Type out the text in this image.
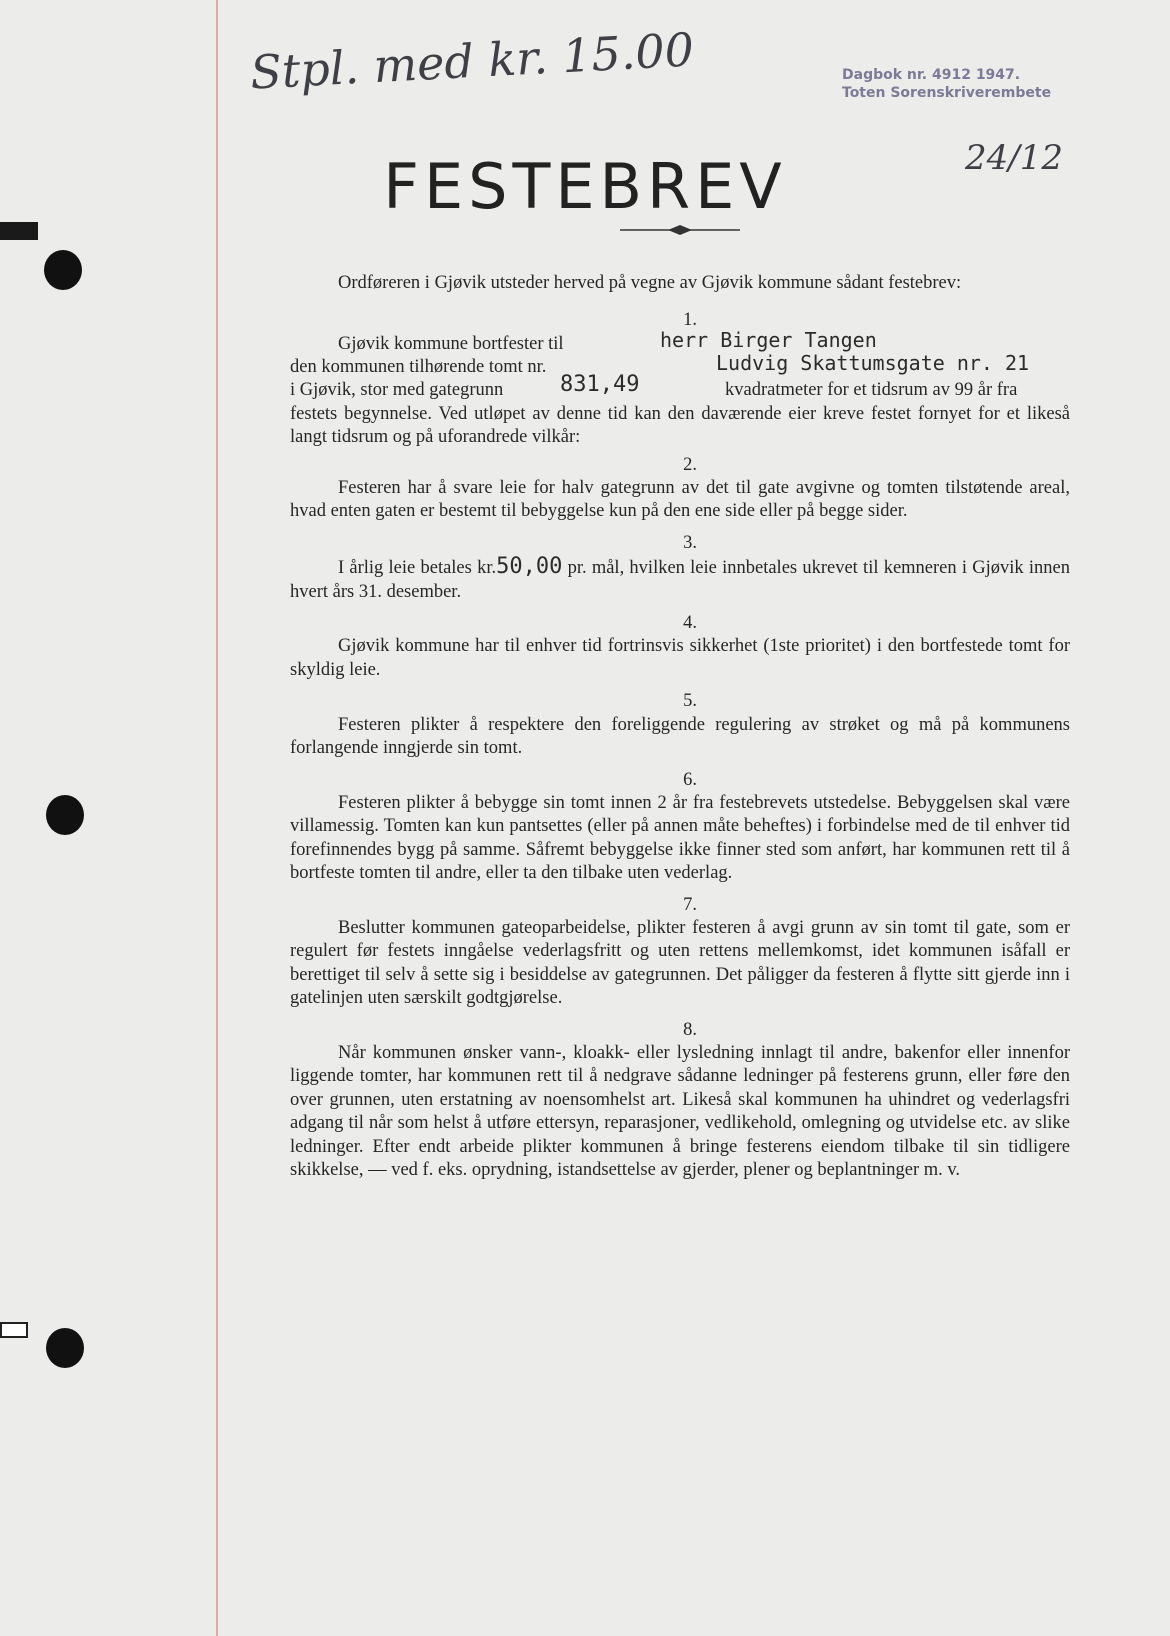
Stpl. med kr. 15.00	Dagbok nr. 4912 1947.
Toten Sorenskriverembete
24/12
FESTEBREV

Ordføreren i Gjøvik utsteder herved på vegne av Gjøvik kommune sådant festebrev:

1.

Gjøvik kommune bortfester til	herr Birger Tangen
den kommunen tilhørende tomt nr.	Ludvig Skattumsgate nr. 21
i Gjøvik, stor med gategrunn	831,49	kvadratmeter for et tidsrum av 99 år fra

festets begynnelse. Ved utløpet av denne tid kan den daværende eier kreve festet fornyet for et likeså langt tidsrum og på uforandrede vilkår:

2.

Festeren har å svare leie for halv gategrunn av det til gate avgivne og tomten tilstøtende areal, hvad enten gaten er bestemt til bebyggelse kun på den ene side eller på begge sider.

3.

I årlig leie betales kr.50,00 pr. mål, hvilken leie innbetales ukrevet til kemneren i Gjøvik innen hvert års 31. desember.

4.

Gjøvik kommune har til enhver tid fortrinsvis sikkerhet (1ste prioritet) i den bortfestede tomt for skyldig leie.

5.

Festeren plikter å respektere den foreliggende regulering av strøket og må på kommunens forlangende inngjerde sin tomt.

6.

Festeren plikter å bebygge sin tomt innen 2 år fra festebrevets utstedelse. Bebyggelsen skal være villamessig. Tomten kan kun pantsettes (eller på annen måte beheftes) i forbindelse med de til enhver tid forefinnendes bygg på samme. Såfremt bebyggelse ikke finner sted som anført, har kommunen rett til å bortfeste tomten til andre, eller ta den tilbake uten vederlag.

7.

Beslutter kommunen gateoparbeidelse, plikter festeren å avgi grunn av sin tomt til gate, som er regulert før festets inngåelse vederlagsfritt og uten rettens mellemkomst, idet kommunen isåfall er berettiget til selv å sette sig i besiddelse av gategrunnen. Det påligger da festeren å flytte sitt gjerde inn i gatelinjen uten særskilt godtgjørelse.

8.

Når kommunen ønsker vann-, kloakk- eller lysledning innlagt til andre, bakenfor eller innenfor liggende tomter, har kommunen rett til å nedgrave sådanne ledninger på festerens grunn, eller føre den over grunnen, uten erstatning av noensomhelst art. Likeså skal kommunen ha uhindret og vederlagsfri adgang til når som helst å utføre ettersyn, reparasjoner, vedlikehold, omlegning og utvidelse etc. av slike ledninger. Efter endt arbeide plikter kommunen å bringe festerens eiendom tilbake til sin tidligere skikkelse, — ved f. eks. oprydning, istandsettelse av gjerder, plener og beplantninger m. v.
